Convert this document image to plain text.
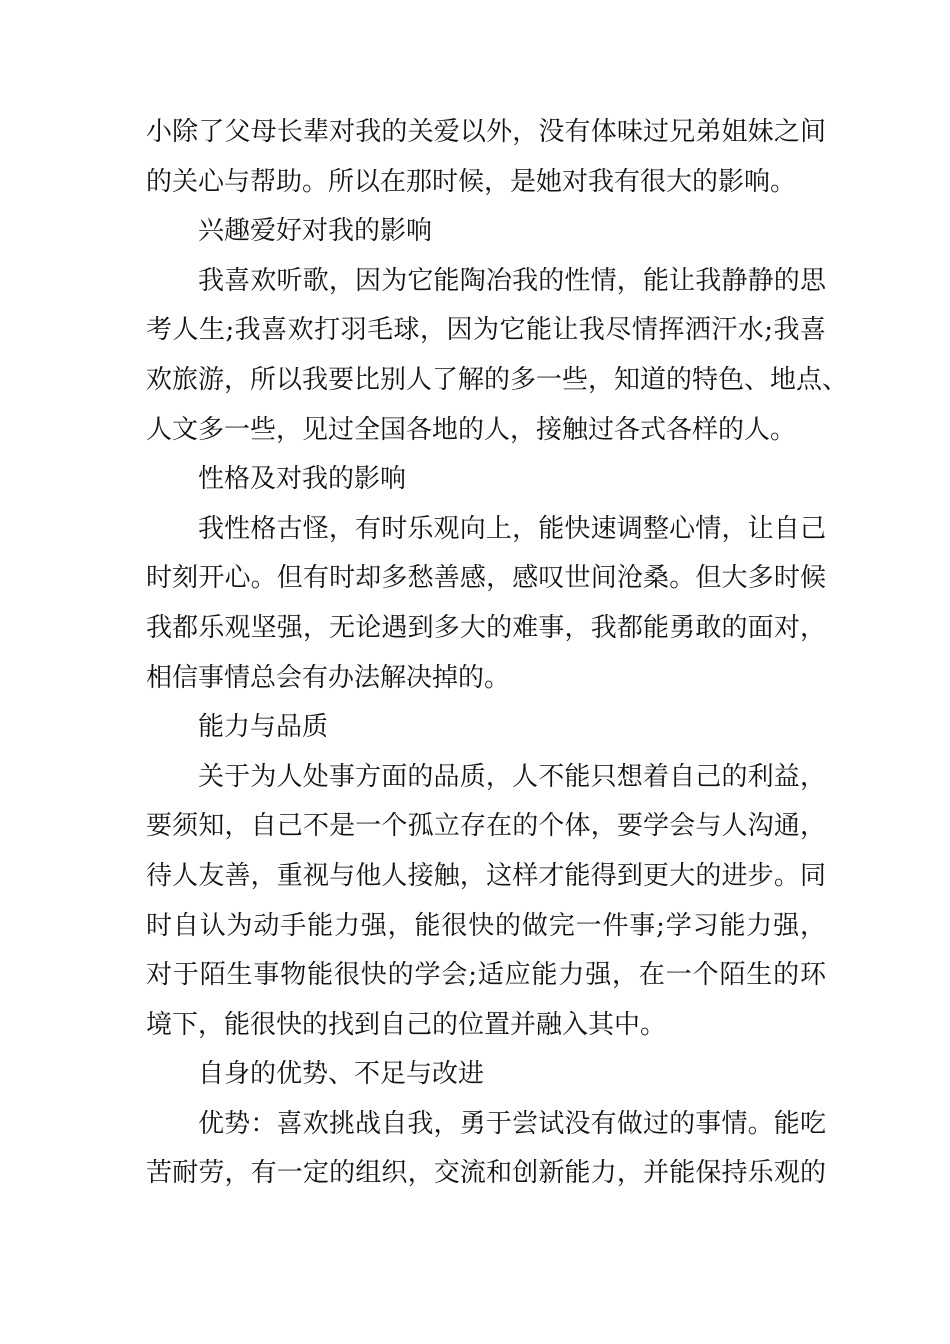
小除了父母长辈对我的关爱以外，没有体味过兄弟姐妹之间
的关心与帮助。所以在那时候，是她对我有很大的影响。
兴趣爱好对我的影响
我喜欢听歌，因为它能陶冶我的性情，能让我静静的思
考人生;我喜欢打羽毛球，因为它能让我尽情挥洒汗水;我喜
欢旅游，所以我要比别人了解的多一些，知道的特色、地点、
人文多一些，见过全国各地的人，接触过各式各样的人。
性格及对我的影响
我性格古怪，有时乐观向上，能快速调整心情，让自己
时刻开心。但有时却多愁善感，感叹世间沧桑。但大多时候
我都乐观坚强，无论遇到多大的难事，我都能勇敢的面对，
相信事情总会有办法解决掉的。
能力与品质
关于为人处事方面的品质，人不能只想着自己的利益，
要须知，自己不是一个孤立存在的个体，要学会与人沟通，
待人友善，重视与他人接触，这样才能得到更大的进步。同
时自认为动手能力强，能很快的做完一件事;学习能力强，
对于陌生事物能很快的学会;适应能力强，在一个陌生的环
境下，能很快的找到自己的位置并融入其中。
自身的优势、不足与改进
优势：喜欢挑战自我，勇于尝试没有做过的事情。能吃
苦耐劳，有一定的组织，交流和创新能力，并能保持乐观的
